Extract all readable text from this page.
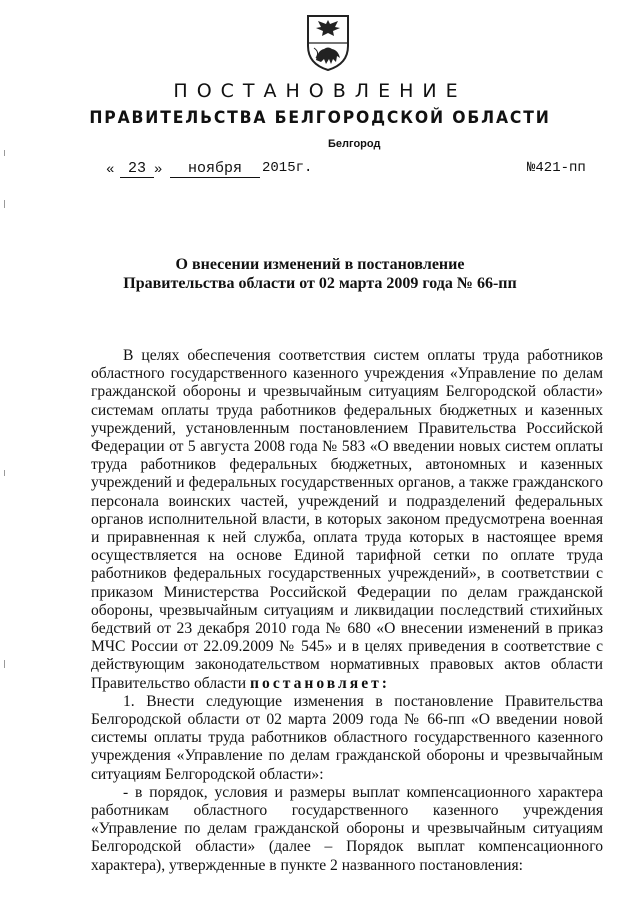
ПОСТАНОВЛЕНИЕ
ПРАВИТЕЛЬСТВА БЕЛГОРОДСКОЙ ОБЛАСТИ
Белгород
« 23 »	ноября	2015г.	№421-пп
О внесении изменений в постановление
Правительства области от 02 марта 2009 года № 66-пп

В целях обеспечения соответствия систем оплаты труда работников областного государственного казенного учреждения «Управление по делам гражданской обороны и чрезвычайным ситуациям Белгородской области» системам оплаты труда работников федеральных бюджетных и казенных учреждений, установленным постановлением Правительства Российской Федерации от 5 августа 2008 года № 583 «О введении новых систем оплаты труда работников федеральных бюджетных, автономных и казенных учреждений и федеральных государственных органов, а также гражданского персонала воинских частей, учреждений и подразделений федеральных органов исполнительной власти, в которых законом предусмотрена военная и приравненная к ней служба, оплата труда которых в настоящее время осуществляется на основе Единой тарифной сетки по оплате труда работников федеральных государственных учреждений», в соответствии с приказом Министерства Российской Федерации по делам гражданской обороны, чрезвычайным ситуациям и ликвидации последствий стихийных бедствий от 23 декабря 2010 года № 680 «О внесении изменений в приказ МЧС России от 22.09.2009 № 545» и в целях приведения в соответствие с действующим законодательством нормативных правовых актов области Правительство области постановляет:

1. Внести следующие изменения в постановление Правительства Белгородской области от 02 марта 2009 года № 66-пп «О введении новой системы оплаты труда работников областного государственного казенного учреждения «Управление по делам гражданской обороны и чрезвычайным ситуациям Белгородской области»:

- в порядок, условия и размеры выплат компенсационного характера работникам областного государственного казенного учреждения «Управление по делам гражданской обороны и чрезвычайным ситуациям Белгородской области» (далее – Порядок выплат компенсационного характера), утвержденные в пункте 2 названного постановления:
